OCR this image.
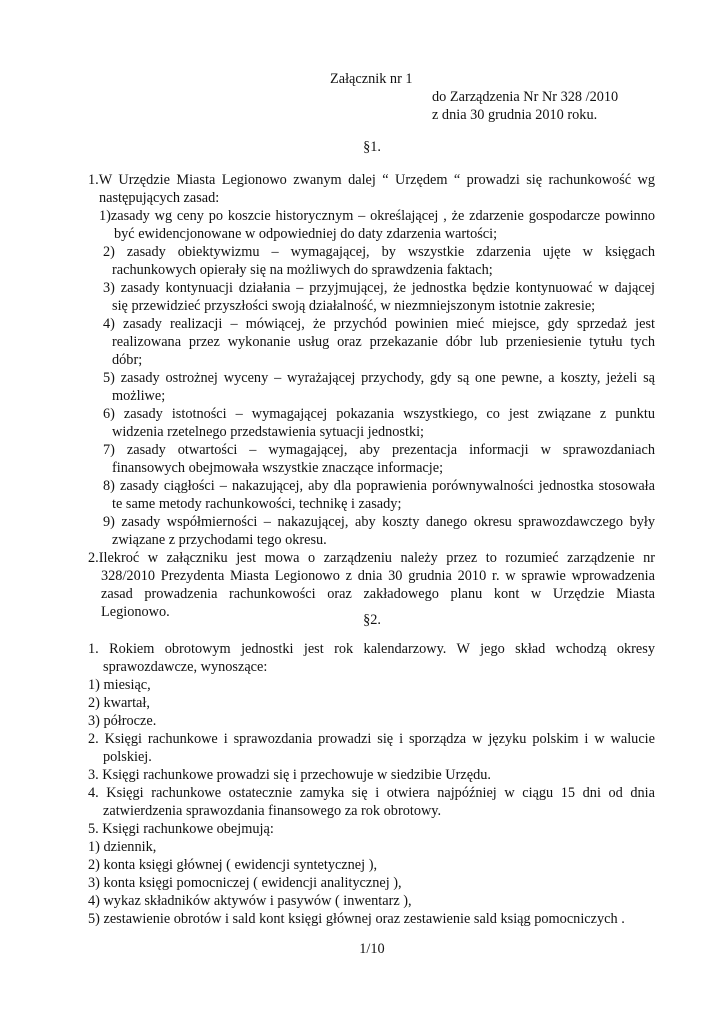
Załącznik nr 1
do Zarządzenia Nr Nr 328 /2010
z dnia 30 grudnia 2010 roku.
§1.
1.W Urzędzie Miasta Legionowo zwanym dalej “ Urzędem “ prowadzi się rachunkowość wg
następujących zasad:
1)zasady wg ceny po koszcie historycznym – określającej , że zdarzenie gospodarcze powinno
być ewidencjonowane w odpowiedniej do daty zdarzenia wartości;
2) zasady obiektywizmu – wymagającej, by wszystkie zdarzenia ujęte w księgach
rachunkowych opierały się na możliwych do sprawdzenia faktach;
3) zasady kontynuacji działania – przyjmującej, że jednostka będzie kontynuować w dającej
się przewidzieć przyszłości swoją działalność, w niezmniejszonym istotnie zakresie;
4) zasady realizacji – mówiącej, że przychód powinien mieć miejsce, gdy sprzedaż jest
realizowana przez wykonanie usług oraz przekazanie dóbr lub przeniesienie tytułu tych
dóbr;
5) zasady ostrożnej wyceny – wyrażającej przychody, gdy są one pewne, a koszty, jeżeli są
możliwe;
6) zasady istotności – wymagającej pokazania wszystkiego, co jest związane z punktu
widzenia rzetelnego przedstawienia sytuacji jednostki;
7) zasady otwartości – wymagającej, aby prezentacja informacji w sprawozdaniach
finansowych obejmowała wszystkie znaczące informacje;
8) zasady ciągłości – nakazującej, aby dla poprawienia porównywalności jednostka stosowała
te same metody rachunkowości, technikę i zasady;
9) zasady współmierności – nakazującej, aby koszty danego okresu sprawozdawczego były
związane z przychodami tego okresu.
2.Ilekroć w załączniku jest mowa o zarządzeniu należy przez to rozumieć zarządzenie nr
328/2010 Prezydenta Miasta Legionowo z dnia 30 grudnia 2010 r. w sprawie wprowadzenia
zasad prowadzenia rachunkowości oraz zakładowego planu kont w Urzędzie Miasta
Legionowo.	§2.
1. Rokiem obrotowym jednostki jest rok kalendarzowy. W jego skład wchodzą okresy
sprawozdawcze, wynoszące:
1) miesiąc,
2) kwartał,
3) półrocze.
2. Księgi rachunkowe i sprawozdania prowadzi się i sporządza w języku polskim i w walucie
polskiej.
3. Księgi rachunkowe prowadzi się i przechowuje w siedzibie Urzędu.
4. Księgi rachunkowe ostatecznie zamyka się i otwiera najpóźniej w ciągu 15 dni od dnia
zatwierdzenia sprawozdania finansowego za rok obrotowy.
5. Księgi rachunkowe obejmują:
1) dziennik,
2) konta księgi głównej ( ewidencji syntetycznej ),
3) konta księgi pomocniczej ( ewidencji analitycznej ),
4) wykaz składników aktywów i pasywów ( inwentarz ),
5) zestawienie obrotów i sald kont księgi głównej oraz zestawienie sald ksiąg pomocniczych .
1/10
